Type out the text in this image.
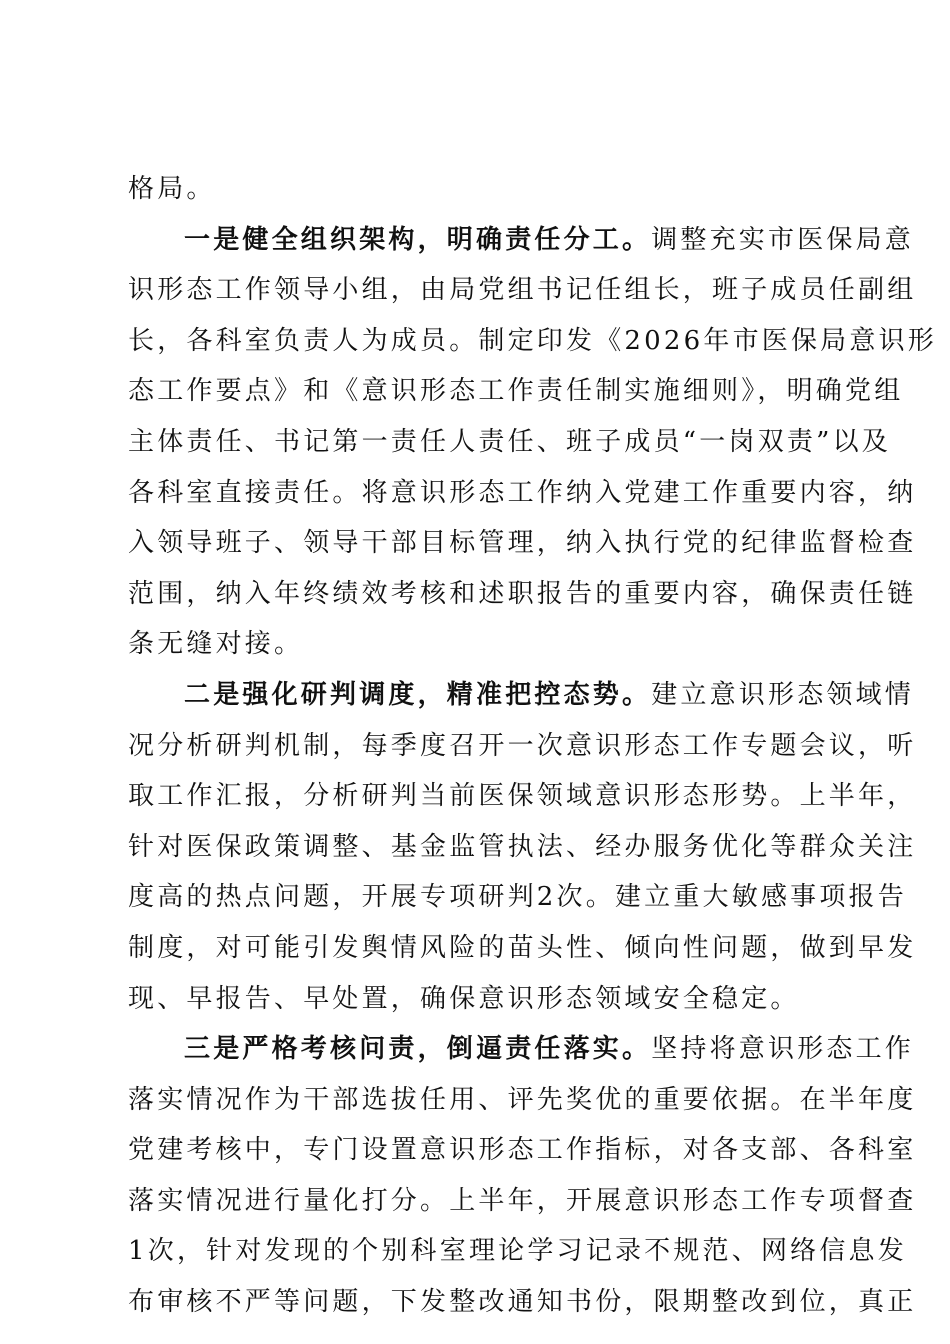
格局。
一是健全组织架构，明确责任分工。调整充实市医保局意
识形态工作领导小组，由局党组书记任组长，班子成员任副组
长，各科室负责人为成员。制定印发《2026年市医保局意识形
态工作要点》和《意识形态工作责任制实施细则》，明确党组
主体责任、书记第一责任人责任、班子成员“一岗双责”以及
各科室直接责任。将意识形态工作纳入党建工作重要内容，纳
入领导班子、领导干部目标管理，纳入执行党的纪律监督检查
范围，纳入年终绩效考核和述职报告的重要内容，确保责任链
条无缝对接。
二是强化研判调度，精准把控态势。建立意识形态领域情
况分析研判机制，每季度召开一次意识形态工作专题会议，听
取工作汇报，分析研判当前医保领域意识形态形势。上半年，
针对医保政策调整、基金监管执法、经办服务优化等群众关注
度高的热点问题，开展专项研判2次。建立重大敏感事项报告
制度，对可能引发舆情风险的苗头性、倾向性问题，做到早发
现、早报告、早处置，确保意识形态领域安全稳定。
三是严格考核问责，倒逼责任落实。坚持将意识形态工作
落实情况作为干部选拔任用、评先奖优的重要依据。在半年度
党建考核中，专门设置意识形态工作指标，对各支部、各科室
落实情况进行量化打分。上半年，开展意识形态工作专项督查
1次，针对发现的个别科室理论学习记录不规范、网络信息发
布审核不严等问题，下发整改通知书份，限期整改到位，真正
